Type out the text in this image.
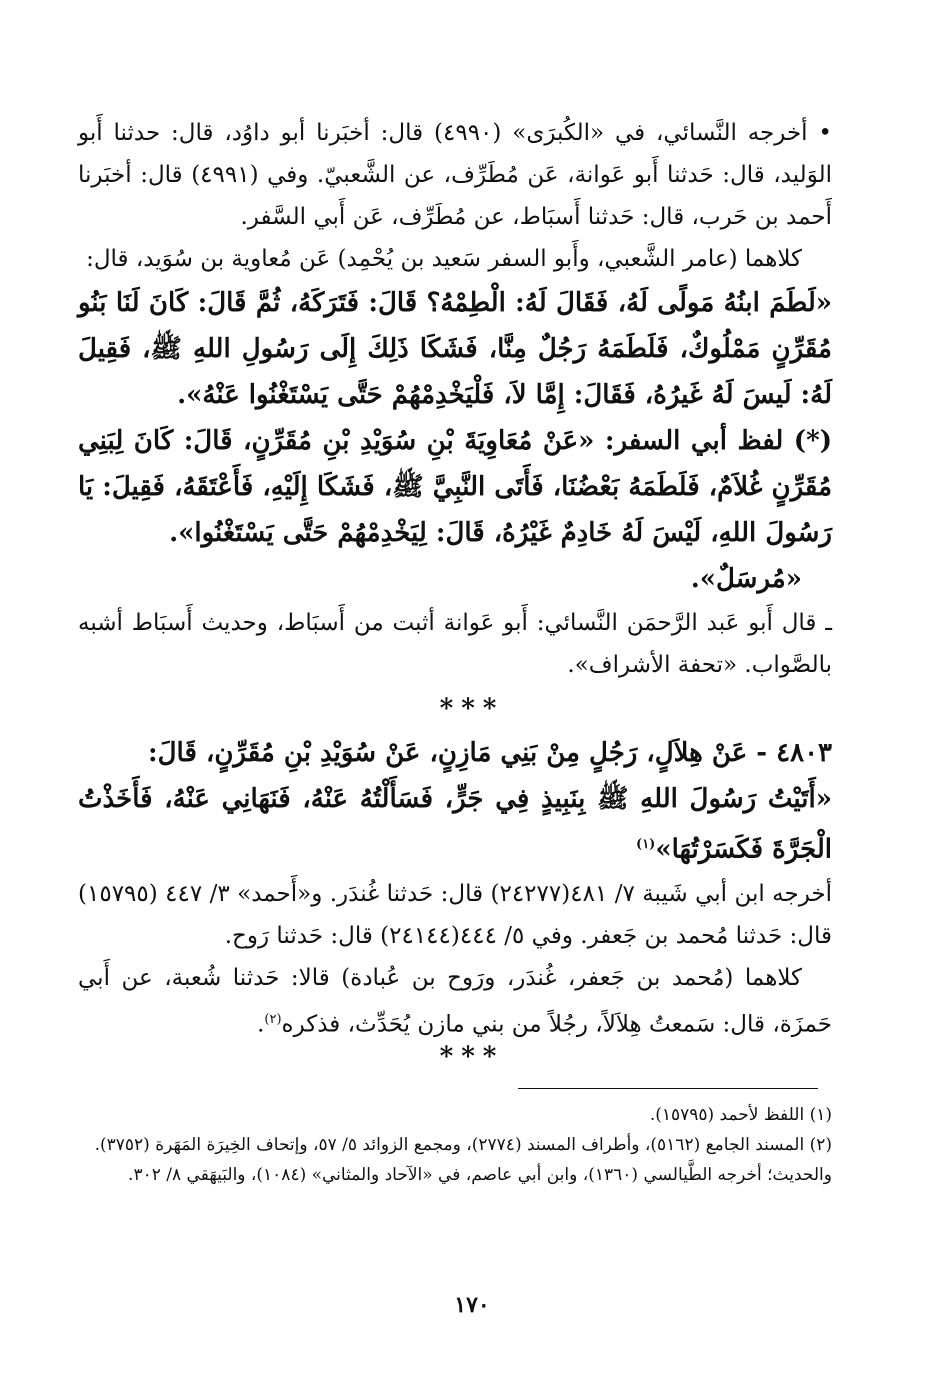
• أخرجه النَّسائي، في «الكُبرَى» (٤٩٩٠) قال: أخبَرنا أبو داوُد، قال: حدثنا أَبو الوَليد، قال: حَدثنا أَبو عَوانة، عَن مُطَرِّف، عن الشَّعبيّ. وفي (٤٩٩١) قال: أخبَرنا أَحمد بن حَرب، قال: حَدثنا أَسبَاط، عن مُطَرِّف، عَن أَبي السَّفر.

كلاهما (عامر الشَّعبي، وأَبو السفر سَعيد بن يُحْمِد) عَن مُعاوية بن سُوَيد، قال:

«لَطَمَ ابنُهُ مَولًى لَهُ، فَقَالَ لَهُ: الْطِمْهُ؟ قَالَ: فَتَرَكَهُ، ثُمَّ قَالَ: كَانَ لَنَا بَنُو مُقَرِّنٍ مَمْلُوكٌ، فَلَطَمَهُ رَجُلٌ مِنَّا، فَشَكَا ذَلِكَ إِلَى رَسُولِ اللهِ ﷺ، فَقِيلَ لَهُ: لَيسَ لَهُ غَيرُهُ، فَقَالَ: إِمَّا لاَ، فَلْيَخْدِمْهُمْ حَتَّى يَسْتَغْنُوا عَنْهُ».

(*) لفظ أبي السفر: «عَنْ مُعَاوِيَةَ بْنِ سُوَيْدِ بْنِ مُقَرِّنٍ، قَالَ: كَانَ لِبَنِي مُقَرِّنٍ غُلاَمٌ، فَلَطَمَهُ بَعْضُنَا، فَأَتَى النَّبِيَّ ﷺ، فَشَكَا إِلَيْهِ، فَأَعْتَقَهُ، فَقِيلَ: يَا رَسُولَ اللهِ، لَيْسَ لَهُ خَادِمٌ غَيْرُهُ، قَالَ: لِيَخْدِمْهُمْ حَتَّى يَسْتَغْنُوا».

«مُرسَلٌ».

ـ قال أَبو عَبد الرَّحمَن النَّسائي: أَبو عَوانة أثبت من أَسبَاط، وحديث أَسبَاط أشبه بالصَّواب. «تحفة الأشراف».

***

٤٨٠٣ - عَنْ هِلاَلٍ، رَجُلٍ مِنْ بَنِي مَازِنٍ، عَنْ سُوَيْدِ بْنِ مُقَرِّنٍ، قَالَ:

«أَتَيْتُ رَسُولَ اللهِ ﷺ بِنَبِيذٍ فِي جَرٍّ، فَسَأَلْتُهُ عَنْهُ، فَنَهَانِي عَنْهُ، فَأَخَذْتُ الْجَرَّةَ فَكَسَرْتُهَا»$^{(١)}$

أخرجه ابن أبي شَيبة ٧/ ٤٨١(٢٤٢٧٧) قال: حَدثنا غُندَر. و«أَحمد» ٣/ ٤٤٧ (١٥٧٩٥) قال: حَدثنا مُحمد بن جَعفر. وفي ٥/ ٤٤٤(٢٤١٤٤) قال: حَدثنا رَوح.

كلاهما (مُحمد بن جَعفر، غُندَر، ورَوح بن عُبادة) قالا: حَدثنا شُعبة، عن أَبي حَمزَة، قال: سَمعتُ هِلاَلاً، رجُلاً من بني مازن يُحَدِّث، فذكره$^{(٢)}$.

***

(١) اللفظ لأحمد (١٥٧٩٥).

(٢) المسند الجامع (٥١٦٢)، وأطراف المسند (٢٧٧٤)، ومجمع الزوائد ٥/ ٥٧، وإتحاف الخِيرَة المَهَرة (٣٧٥٢).

والحديث؛ أخرجه الطَّيالسي (١٣٦٠)، وابن أبي عاصم، في «الآحاد والمثاني» (١٠٨٤)، والبَيهَقي ٨/ ٣٠٢.

١٧٠
